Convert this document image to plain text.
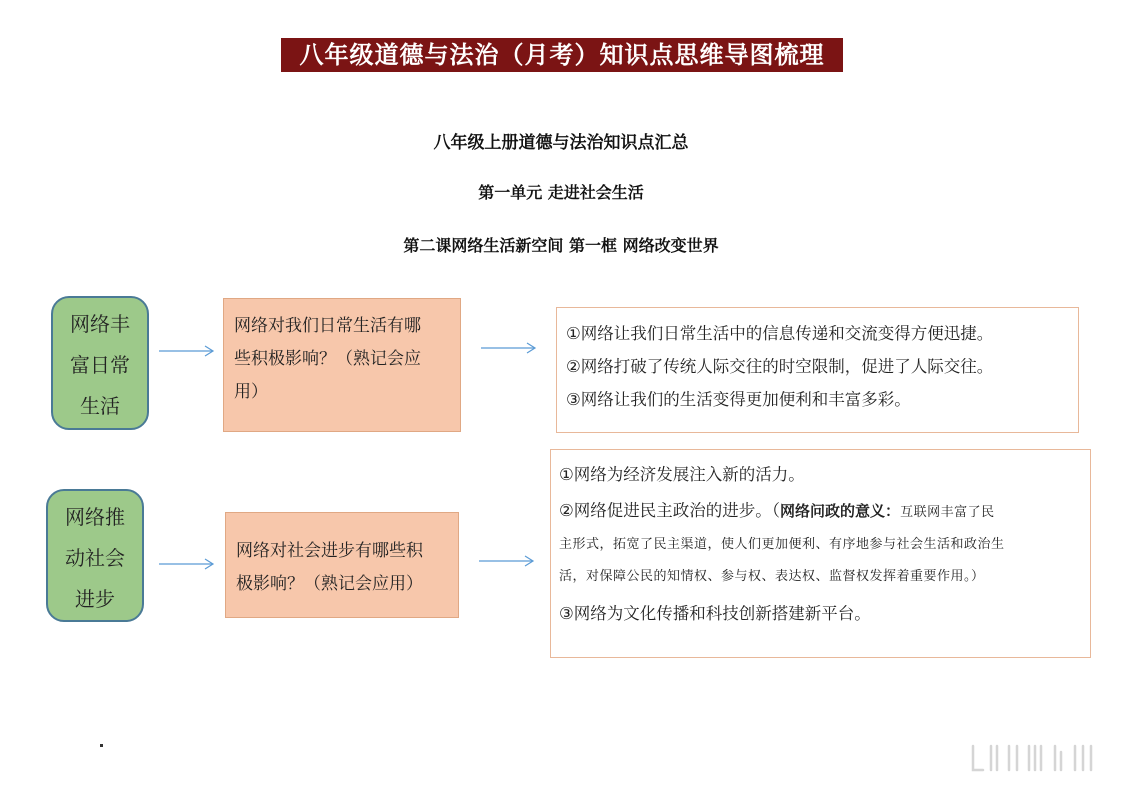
八年级道德与法治（月考）知识点思维导图梳理
八年级上册道德与法治知识点汇总
第一单元 走进社会生活
第二课网络生活新空间 第一框 网络改变世界
网络丰
富日常
生活
网络对我们日常生活有哪
些积极影响？（熟记会应
用）
①网络让我们日常生活中的信息传递和交流变得方便迅捷。
②网络打破了传统人际交往的时空限制，促进了人际交往。
③网络让我们的生活变得更加便利和丰富多彩。
网络推
动社会
进步
网络对社会进步有哪些积
极影响？（熟记会应用）
①网络为经济发展注入新的活力。
②网络促进民主政治的进步。（网络问政的意义：互联网丰富了民
主形式，拓宽了民主渠道，使人们更加便利、有序地参与社会生活和政治生
活，对保障公民的知情权、参与权、表达权、监督权发挥着重要作用。）
③网络为文化传播和科技创新搭建新平台。
